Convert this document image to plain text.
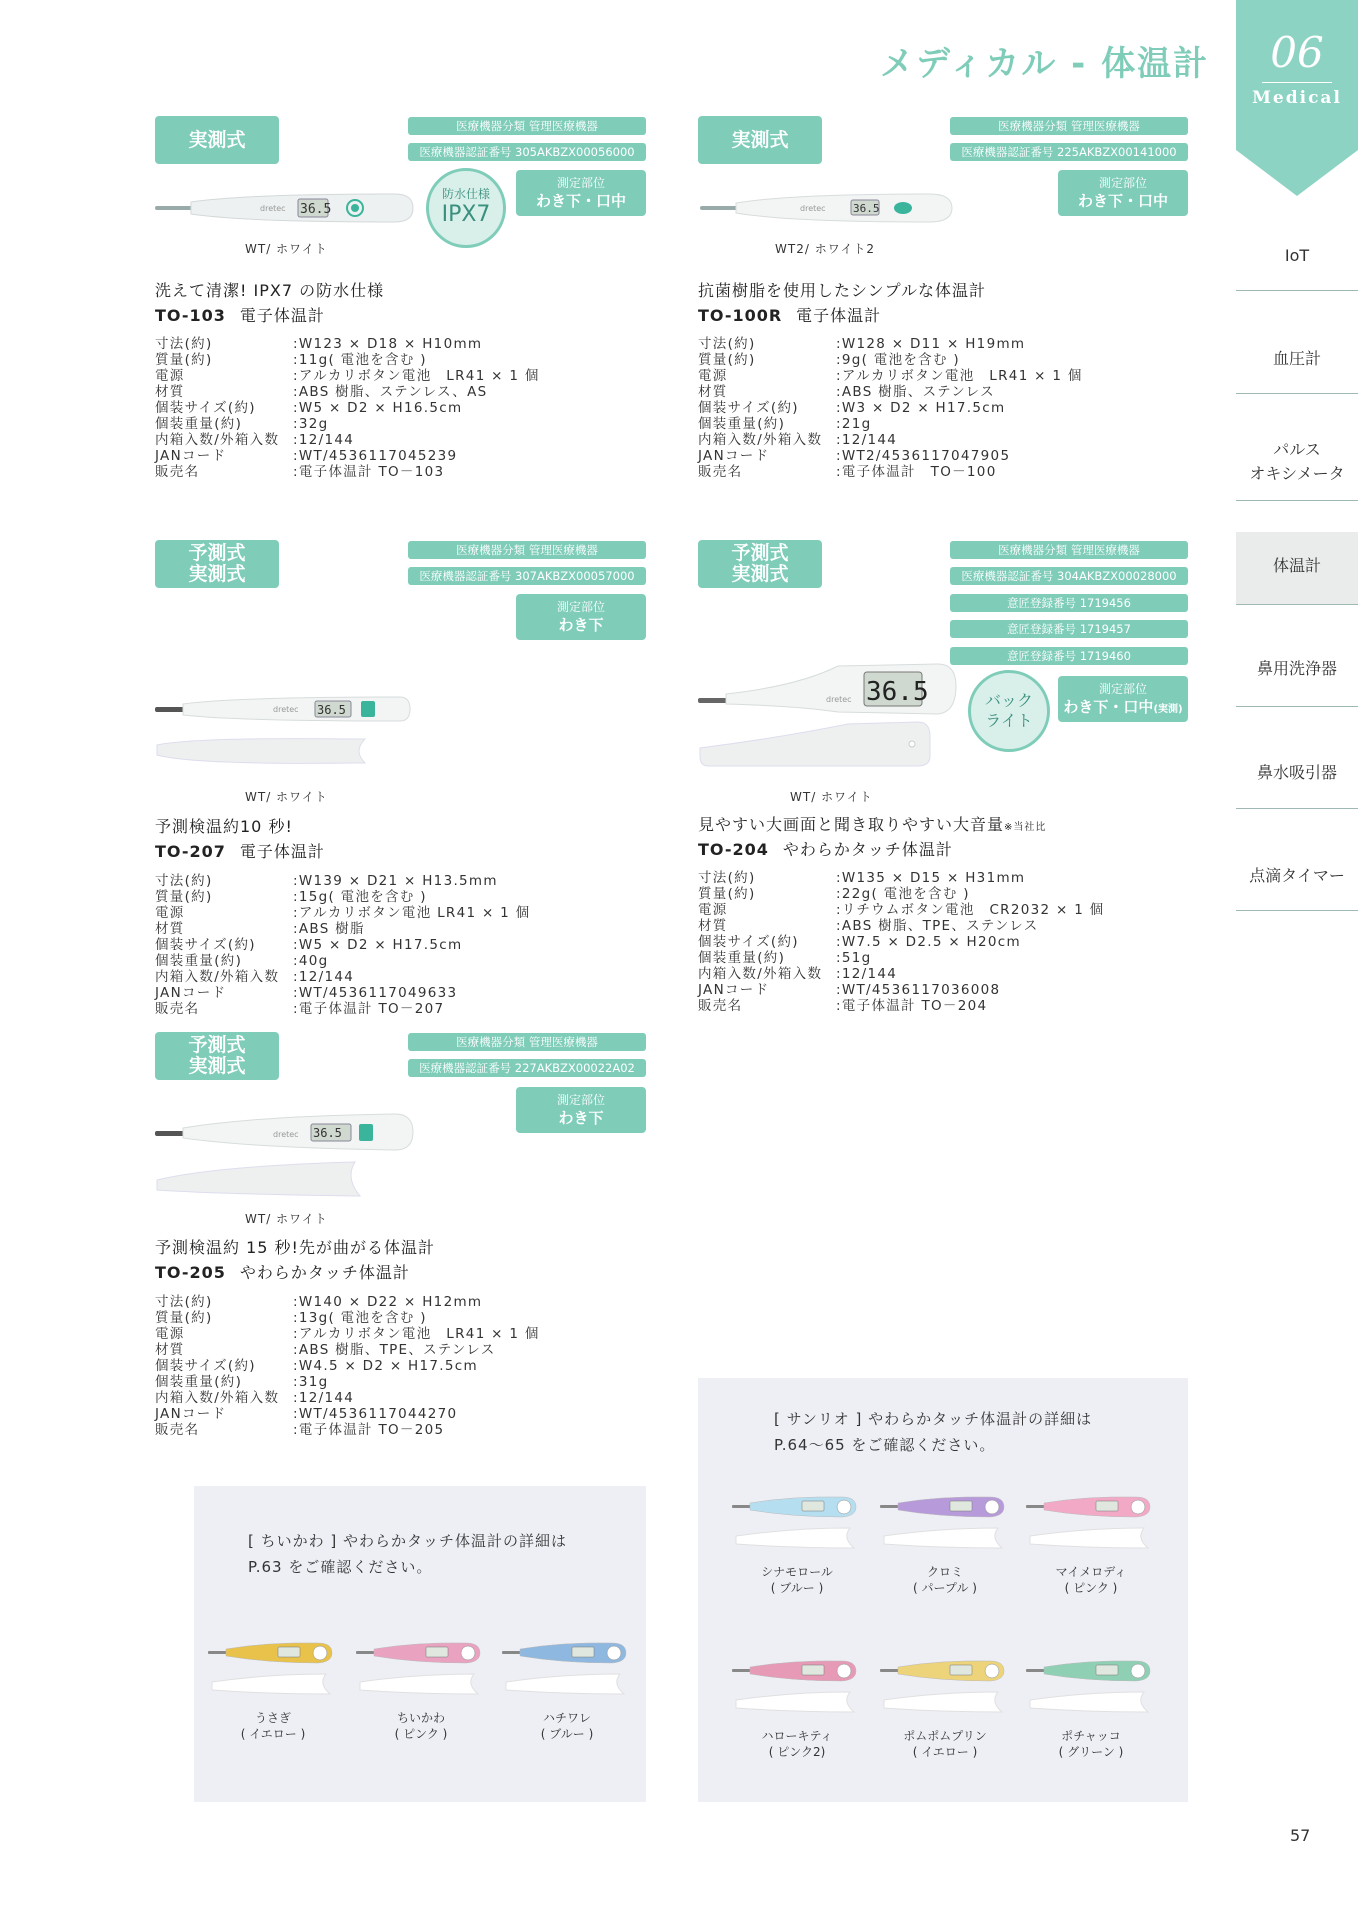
メディカル - 体温計	06
Medical
IoT
血圧計
パルス
オキシメータ
体温計
鼻用洗浄器
鼻水吸引器
点滴タイマー
実測式
医療機器分類 管理医療機器
医療機器認証番号 305AKBZX00056000
防水仕様
IPX7
測定部位
わき下・口中
36.5
dretec
WT/ ホワイト
洗えて清潔! IPX7 の防水仕様
TO-103 電子体温計
寸法(約)	:W123 × D18 × H10mm
質量(約)	:11g( 電池を含む )
電源	:アルカリボタン電池　LR41 × 1 個
材質	:ABS 樹脂、ステンレス、AS
個装サイズ(約)	:W5 × D2 × H16.5cm
個装重量(約)	:32g
内箱入数/外箱入数	:12/144
JANコード	:WT/4536117045239
販売名	:電子体温計 TO－103
実測式
医療機器分類 管理医療機器
医療機器認証番号 225AKBZX00141000
測定部位
わき下・口中
36.5
dretec
WT2/ ホワイト2
抗菌樹脂を使用したシンプルな体温計
TO-100R 電子体温計
寸法(約)	:W128 × D11 × H19mm
質量(約)	:9g( 電池を含む )
電源	:アルカリボタン電池　LR41 × 1 個
材質	:ABS 樹脂、ステンレス
個装サイズ(約)	:W3 × D2 × H17.5cm
個装重量(約)	:21g
内箱入数/外箱入数	:12/144
JANコード	:WT2/4536117047905
販売名	:電子体温計　TO－100
予測式
実測式
医療機器分類 管理医療機器
医療機器認証番号 307AKBZX00057000
測定部位
わき下
36.5
dretec
WT/ ホワイト
予測検温約10 秒!
TO-207 電子体温計
寸法(約)	:W139 × D21 × H13.5mm
質量(約)	:15g( 電池を含む )
電源	:アルカリボタン電池 LR41 × 1 個
材質	:ABS 樹脂
個装サイズ(約)	:W5 × D2 × H17.5cm
個装重量(約)	:40g
内箱入数/外箱入数	:12/144
JANコード	:WT/4536117049633
販売名	:電子体温計 TO－207
予測式
実測式
医療機器分類 管理医療機器
医療機器認証番号 304AKBZX00028000
意匠登録番号 1719456
意匠登録番号 1719457
意匠登録番号 1719460
バック
ライト
測定部位
わき下・口中(実測)
36.5
dretec
WT/ ホワイト
見やすい大画面と聞き取りやすい大音量※当社比
TO-204 やわらかタッチ体温計
寸法(約)	:W135 × D15 × H31mm
質量(約)	:22g( 電池を含む )
電源	:リチウムボタン電池　CR2032 × 1 個
材質	:ABS 樹脂、TPE、ステンレス
個装サイズ(約)	:W7.5 × D2.5 × H20cm
個装重量(約)	:51g
内箱入数/外箱入数	:12/144
JANコード	:WT/4536117036008
販売名	:電子体温計 TO－204
予測式
実測式
医療機器分類 管理医療機器
医療機器認証番号 227AKBZX00022A02
測定部位
わき下
36.5
dretec
WT/ ホワイト
予測検温約 15 秒!先が曲がる体温計
TO-205 やわらかタッチ体温計
寸法(約)	:W140 × D22 × H12mm
質量(約)	:13g( 電池を含む )
電源	:アルカリボタン電池　LR41 × 1 個
材質	:ABS 樹脂、TPE、ステンレス
個装サイズ(約)	:W4.5 × D2 × H17.5cm
個装重量(約)	:31g
内箱入数/外箱入数	:12/144
JANコード	:WT/4536117044270
販売名	:電子体温計 TO－205
[ サンリオ ] やわらかタッチ体温計の詳細は
P.64～65 をご確認ください。
シナモロール
( ブルー )
クロミ
( パープル )
マイメロディ
( ピンク )
ハローキティ
( ピンク2)
ポムポムプリン
( イエロー )
ポチャッコ
( グリーン )
[ ちいかわ ] やわらかタッチ体温計の詳細は
P.63 をご確認ください。
うさぎ
( イエロー )
ちいかわ
( ピンク )
ハチワレ
( ブルー )
57
